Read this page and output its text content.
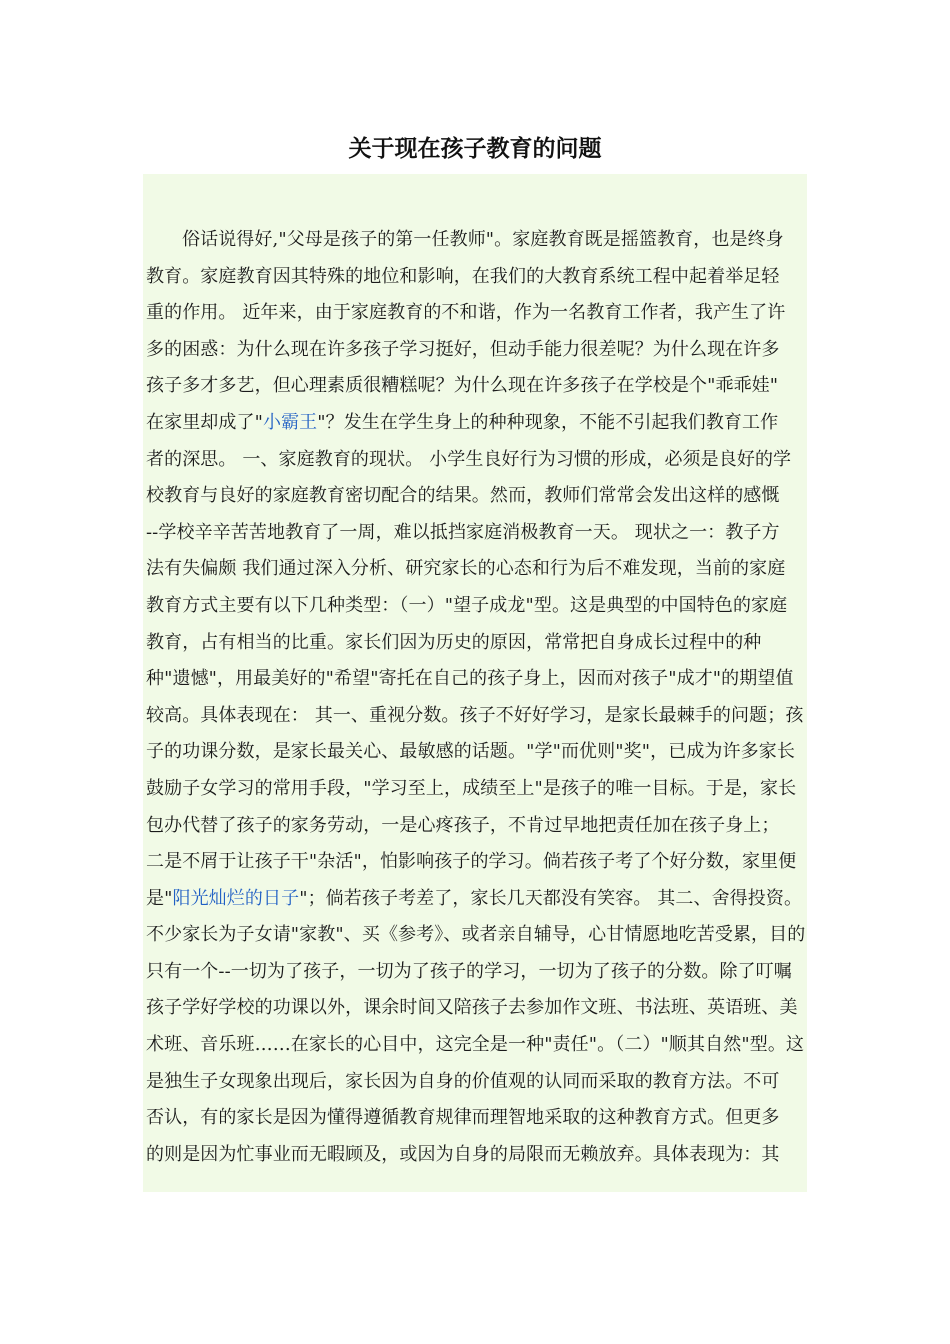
关于现在孩子教育的问题
俗话说得好,"父母是孩子的第一任教师"。家庭教育既是摇篮教育，也是终身
教育。家庭教育因其特殊的地位和影响，在我们的大教育系统工程中起着举足轻
重的作用。 近年来，由于家庭教育的不和谐，作为一名教育工作者，我产生了许
多的困惑：为什么现在许多孩子学习挺好，但动手能力很差呢？为什么现在许多
孩子多才多艺，但心理素质很糟糕呢？为什么现在许多孩子在学校是个"乖乖娃"
在家里却成了"小霸王"？发生在学生身上的种种现象，不能不引起我们教育工作
者的深思。 一、家庭教育的现状。 小学生良好行为习惯的形成，必须是良好的学
校教育与良好的家庭教育密切配合的结果。然而，教师们常常会发出这样的感慨
--学校辛辛苦苦地教育了一周，难以抵挡家庭消极教育一天。 现状之一：教子方
法有失偏颇 我们通过深入分析、研究家长的心态和行为后不难发现，当前的家庭
教育方式主要有以下几种类型：（一）"望子成龙"型。这是典型的中国特色的家庭
教育，占有相当的比重。家长们因为历史的原因，常常把自身成长过程中的种
种"遗憾"，用最美好的"希望"寄托在自己的孩子身上，因而对孩子"成才"的期望值
较高。具体表现在： 其一、重视分数。孩子不好好学习，是家长最棘手的问题；孩
子的功课分数，是家长最关心、最敏感的话题。"学"而优则"奖"，已成为许多家长
鼓励子女学习的常用手段，"学习至上，成绩至上"是孩子的唯一目标。于是，家长
包办代替了孩子的家务劳动，一是心疼孩子，不肯过早地把责任加在孩子身上；
二是不屑于让孩子干"杂活"，怕影响孩子的学习。倘若孩子考了个好分数，家里便
是"阳光灿烂的日子"；倘若孩子考差了，家长几天都没有笑容。 其二、舍得投资。
不少家长为子女请"家教"、买《参考》、或者亲自辅导，心甘情愿地吃苦受累，目的
只有一个--一切为了孩子，一切为了孩子的学习，一切为了孩子的分数。除了叮嘱
孩子学好学校的功课以外，课余时间又陪孩子去参加作文班、书法班、英语班、美
术班、音乐班……在家长的心目中，这完全是一种"责任"。（二）"顺其自然"型。这
是独生子女现象出现后，家长因为自身的价值观的认同而采取的教育方法。不可
否认，有的家长是因为懂得遵循教育规律而理智地采取的这种教育方式。但更多
的则是因为忙事业而无暇顾及，或因为自身的局限而无赖放弃。具体表现为：其
